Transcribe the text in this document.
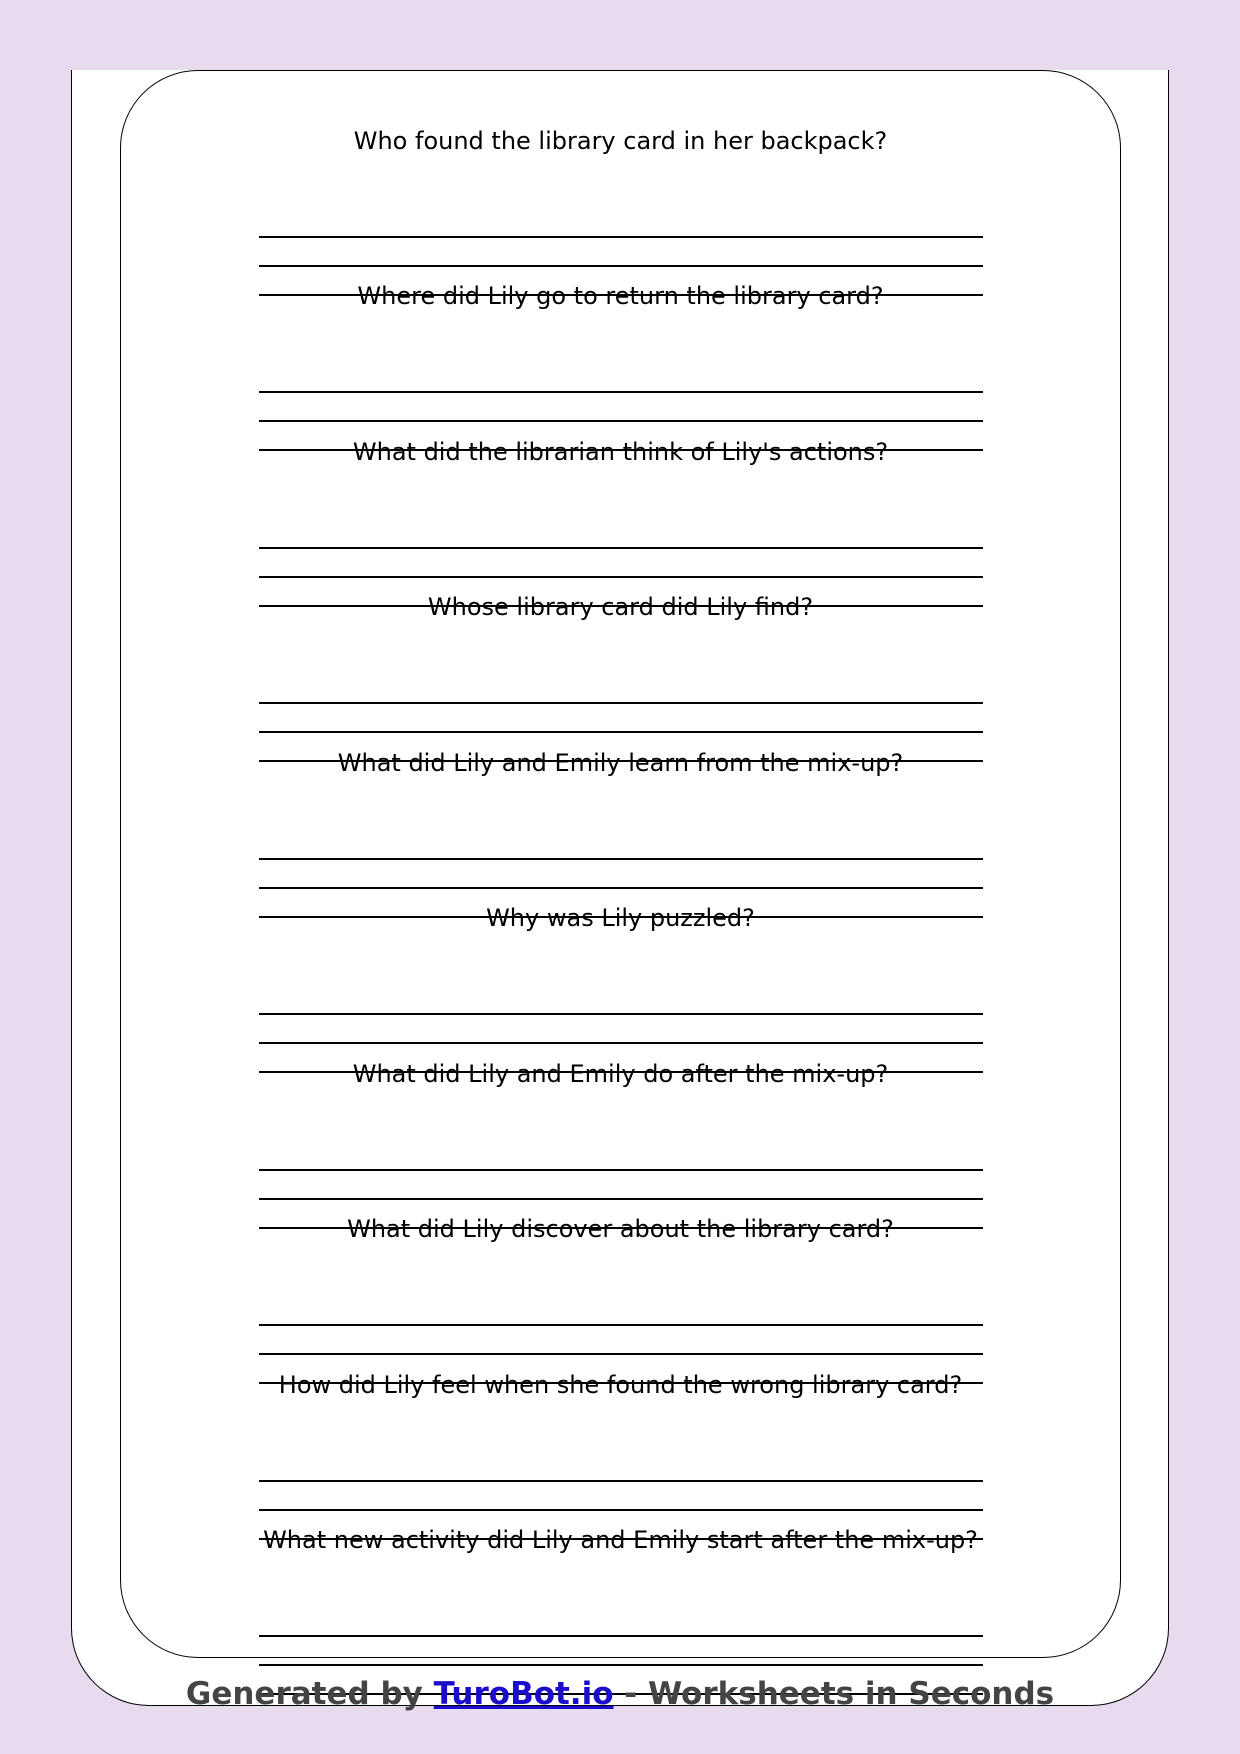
Who found the library card in her backpack?
Where did Lily go to return the library card?
What did the librarian think of Lily's actions?
Whose library card did Lily find?
What did Lily and Emily learn from the mix-up?
Why was Lily puzzled?
What did Lily and Emily do after the mix-up?
What did Lily discover about the library card?
How did Lily feel when she found the wrong library card?
What new activity did Lily and Emily start after the mix-up?
Generated by TuroBot.io - Worksheets in Seconds
